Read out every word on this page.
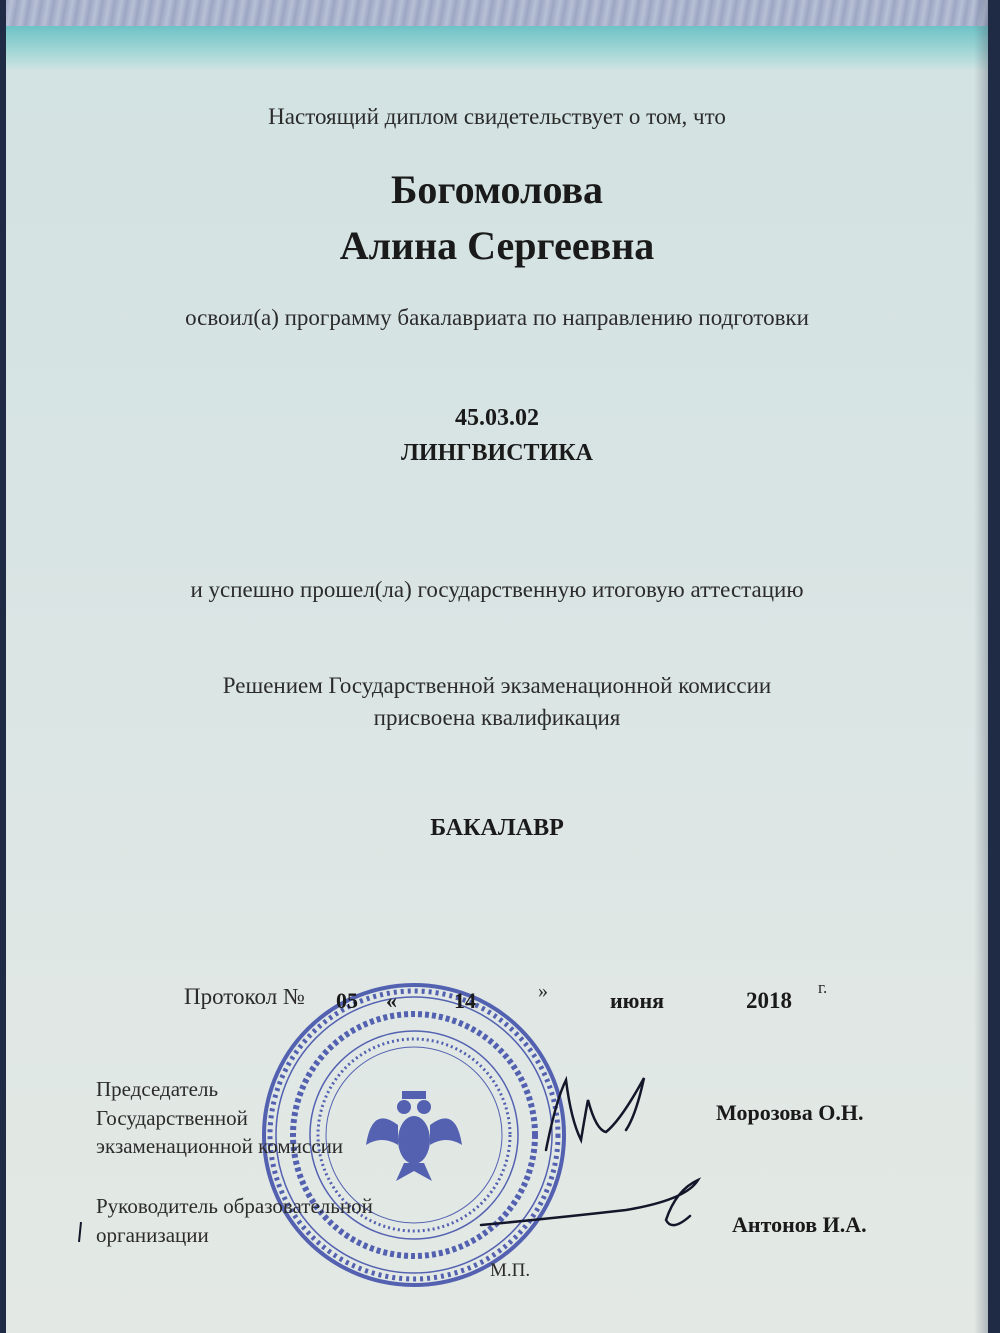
Настоящий диплом свидетельствует о том, что
Богомолова
Алина Сергеевна
освоил(а) программу бакалавриата по направлению подготовки
45.03.02
ЛИНГВИСТИКА
и успешно прошел(ла) государственную итоговую аттестацию
Решением Государственной экзаменационной комиссии
присвоена квалификация
БАКАЛАВР
Протокол № 05 «	14	»	июня	2018
г.
Председатель
Государственной
экзаменационной комиссии
Морозова О.Н.
Руководитель образовательной
организации	Антонов И.А.
М.П.
